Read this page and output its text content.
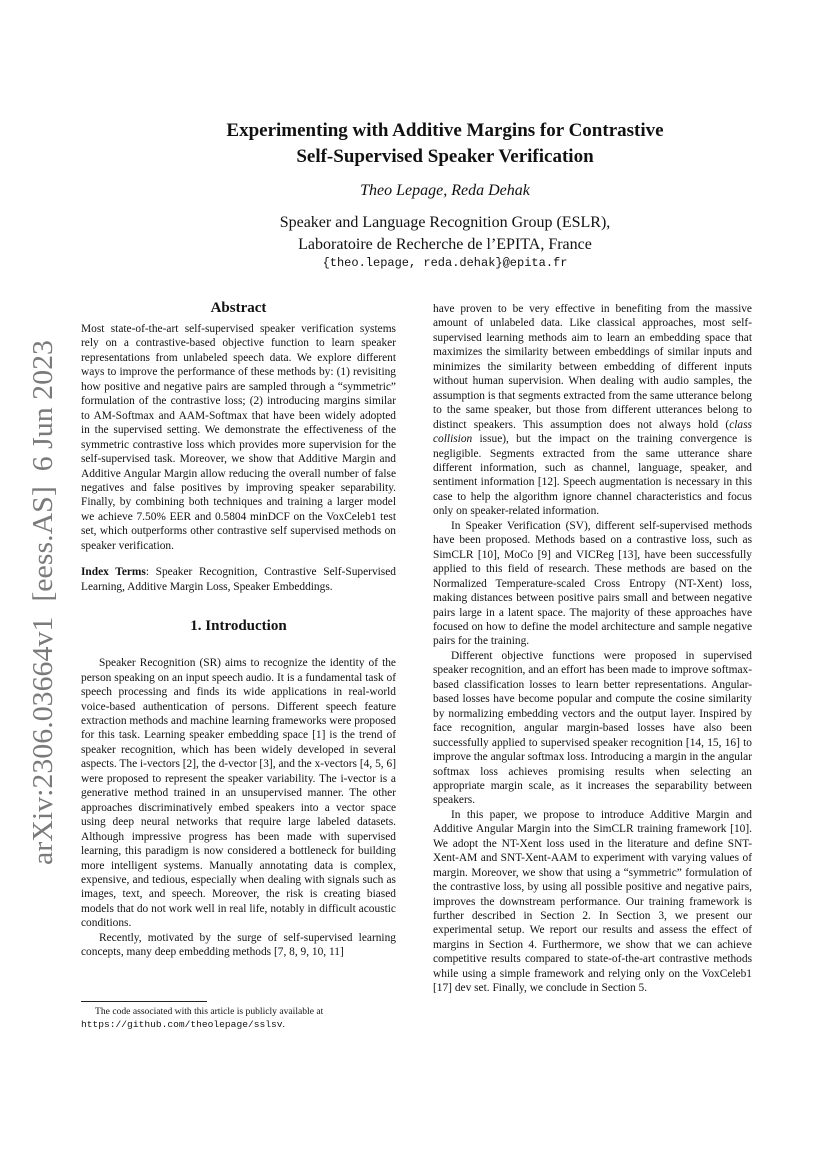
arXiv:2306.03664v1  [eess.AS]  6 Jun 2023
Experimenting with Additive Margins for Contrastive
Self-Supervised Speaker Verification
Theo Lepage, Reda Dehak
Speaker and Language Recognition Group (ESLR),
Laboratoire de Recherche de l’EPITA, France
{theo.lepage, reda.dehak}@epita.fr
Abstract

Most state-of-the-art self-supervised speaker verification systems rely on a contrastive-based objective function to learn speaker representations from unlabeled speech data. We explore different ways to improve the performance of these methods by: (1) revisiting how positive and negative pairs are sampled through a “symmetric” formulation of the contrastive loss; (2) introducing margins similar to AM-Softmax and AAM-Softmax that have been widely adopted in the supervised setting. We demonstrate the effectiveness of the symmetric contrastive loss which provides more supervision for the self-supervised task. Moreover, we show that Additive Margin and Additive Angular Margin allow reducing the overall number of false negatives and false positives by improving speaker separability. Finally, by combining both techniques and training a larger model we achieve 7.50% EER and 0.5804 minDCF on the VoxCeleb1 test set, which outperforms other contrastive self supervised methods on speaker verification.

Index Terms: Speaker Recognition, Contrastive Self-Supervised Learning, Additive Margin Loss, Speaker Embeddings.

1. Introduction

Speaker Recognition (SR) aims to recognize the identity of the person speaking on an input speech audio. It is a fundamental task of speech processing and finds its wide applications in real-world voice-based authentication of persons. Different speech feature extraction methods and machine learning frameworks were proposed for this task. Learning speaker embedding space [1] is the trend of speaker recognition, which has been widely developed in several aspects. The i-vectors [2], the d-vector [3], and the x-vectors [4, 5, 6] were proposed to represent the speaker variability. The i-vector is a generative method trained in an unsupervised manner. The other approaches discriminatively embed speakers into a vector space using deep neural networks that require large labeled datasets. Although impressive progress has been made with supervised learning, this paradigm is now considered a bottleneck for building more intelligent systems. Manually annotating data is complex, expensive, and tedious, especially when dealing with signals such as images, text, and speech. Moreover, the risk is creating biased models that do not work well in real life, notably in difficult acoustic conditions.

Recently, motivated by the surge of self-supervised learning concepts, many deep embedding methods [7, 8, 9, 10, 11]

The code associated with this article is publicly available at https://github.com/theolepage/sslsv.

have proven to be very effective in benefiting from the massive amount of unlabeled data. Like classical approaches, most self-supervised learning methods aim to learn an embedding space that maximizes the similarity between embeddings of similar inputs and minimizes the similarity between embedding of different inputs without human supervision. When dealing with audio samples, the assumption is that segments extracted from the same utterance belong to the same speaker, but those from different utterances belong to distinct speakers. This assumption does not always hold (class collision issue), but the impact on the training convergence is negligible. Segments extracted from the same utterance share different information, such as channel, language, speaker, and sentiment information [12]. Speech augmentation is necessary in this case to help the algorithm ignore channel characteristics and focus only on speaker-related information.

In Speaker Verification (SV), different self-supervised methods have been proposed. Methods based on a contrastive loss, such as SimCLR [10], MoCo [9] and VICReg [13], have been successfully applied to this field of research. These methods are based on the Normalized Temperature-scaled Cross Entropy (NT-Xent) loss, making distances between positive pairs small and between negative pairs large in a latent space. The majority of these approaches have focused on how to define the model architecture and sample negative pairs for the training.

Different objective functions were proposed in supervised speaker recognition, and an effort has been made to improve softmax-based classification losses to learn better representations. Angular-based losses have become popular and compute the cosine similarity by normalizing embedding vectors and the output layer. Inspired by face recognition, angular margin-based losses have also been successfully applied to supervised speaker recognition [14, 15, 16] to improve the angular softmax loss. Introducing a margin in the angular softmax loss achieves promising results when selecting an appropriate margin scale, as it increases the separability between speakers.

In this paper, we propose to introduce Additive Margin and Additive Angular Margin into the SimCLR training framework [10]. We adopt the NT-Xent loss used in the literature and define SNT-Xent-AM and SNT-Xent-AAM to experiment with varying values of margin. Moreover, we show that using a “symmetric” formulation of the contrastive loss, by using all possible positive and negative pairs, improves the downstream performance. Our training framework is further described in Section 2. In Section 3, we present our experimental setup. We report our results and assess the effect of margins in Section 4. Furthermore, we show that we can achieve competitive results compared to state-of-the-art contrastive methods while using a simple framework and relying only on the VoxCeleb1 [17] dev set. Finally, we conclude in Section 5.
